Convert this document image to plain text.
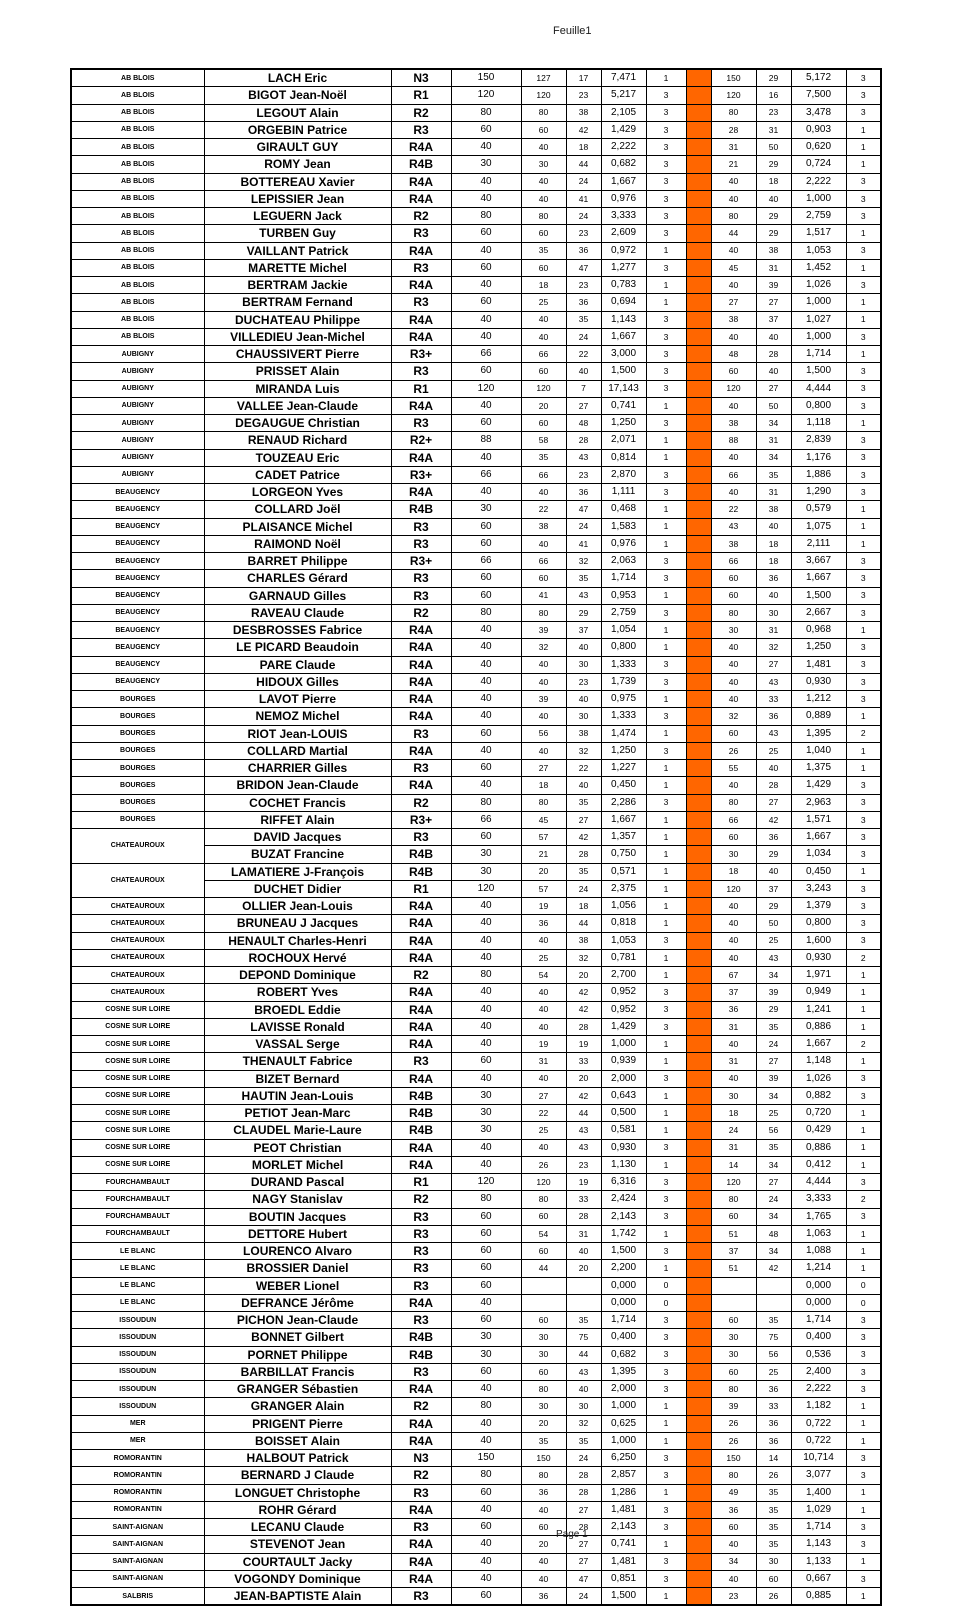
Feuille1
AB BLOIS	LACH Eric	N3	150	127	17	7,471	1		150	29	5,172	3
AB BLOIS	BIGOT Jean-Noël	R1	120	120	23	5,217	3		120	16	7,500	3
AB BLOIS	LEGOUT Alain	R2	80	80	38	2,105	3		80	23	3,478	3
AB BLOIS	ORGEBIN Patrice	R3	60	60	42	1,429	3		28	31	0,903	1
AB BLOIS	GIRAULT GUY	R4A	40	40	18	2,222	3		31	50	0,620	1
AB BLOIS	ROMY Jean	R4B	30	30	44	0,682	3		21	29	0,724	1
AB BLOIS	BOTTEREAU Xavier	R4A	40	40	24	1,667	3		40	18	2,222	3
AB BLOIS	LEPISSIER Jean	R4A	40	40	41	0,976	3		40	40	1,000	3
AB BLOIS	LEGUERN Jack	R2	80	80	24	3,333	3		80	29	2,759	3
AB BLOIS	TURBEN Guy	R3	60	60	23	2,609	3		44	29	1,517	1
AB BLOIS	VAILLANT Patrick	R4A	40	35	36	0,972	1		40	38	1,053	3
AB BLOIS	MARETTE Michel	R3	60	60	47	1,277	3		45	31	1,452	1
AB BLOIS	BERTRAM Jackie	R4A	40	18	23	0,783	1		40	39	1,026	3
AB BLOIS	BERTRAM Fernand	R3	60	25	36	0,694	1		27	27	1,000	1
AB BLOIS	DUCHATEAU Philippe	R4A	40	40	35	1,143	3		38	37	1,027	1
AB BLOIS	VILLEDIEU Jean-Michel	R4A	40	40	24	1,667	3		40	40	1,000	3
AUBIGNY	CHAUSSIVERT Pierre	R3+	66	66	22	3,000	3		48	28	1,714	1
AUBIGNY	PRISSET Alain	R3	60	60	40	1,500	3		60	40	1,500	3
AUBIGNY	MIRANDA Luis	R1	120	120	7	17,143	3		120	27	4,444	3
AUBIGNY	VALLEE Jean-Claude	R4A	40	20	27	0,741	1		40	50	0,800	3
AUBIGNY	DEGAUGUE Christian	R3	60	60	48	1,250	3		38	34	1,118	1
AUBIGNY	RENAUD Richard	R2+	88	58	28	2,071	1		88	31	2,839	3
AUBIGNY	TOUZEAU Eric	R4A	40	35	43	0,814	1		40	34	1,176	3
AUBIGNY	CADET Patrice	R3+	66	66	23	2,870	3		66	35	1,886	3
BEAUGENCY	LORGEON Yves	R4A	40	40	36	1,111	3		40	31	1,290	3
BEAUGENCY	COLLARD Joël	R4B	30	22	47	0,468	1		22	38	0,579	1
BEAUGENCY	PLAISANCE Michel	R3	60	38	24	1,583	1		43	40	1,075	1
BEAUGENCY	RAIMOND Noël	R3	60	40	41	0,976	1		38	18	2,111	1
BEAUGENCY	BARRET Philippe	R3+	66	66	32	2,063	3		66	18	3,667	3
BEAUGENCY	CHARLES Gérard	R3	60	60	35	1,714	3		60	36	1,667	3
BEAUGENCY	GARNAUD Gilles	R3	60	41	43	0,953	1		60	40	1,500	3
BEAUGENCY	RAVEAU Claude	R2	80	80	29	2,759	3		80	30	2,667	3
BEAUGENCY	DESBROSSES Fabrice	R4A	40	39	37	1,054	1		30	31	0,968	1
BEAUGENCY	LE PICARD Beaudoin	R4A	40	32	40	0,800	1		40	32	1,250	3
BEAUGENCY	PARE Claude	R4A	40	40	30	1,333	3		40	27	1,481	3
BEAUGENCY	HIDOUX Gilles	R4A	40	40	23	1,739	3		40	43	0,930	3
BOURGES	LAVOT Pierre	R4A	40	39	40	0,975	1		40	33	1,212	3
BOURGES	NEMOZ Michel	R4A	40	40	30	1,333	3		32	36	0,889	1
BOURGES	RIOT Jean-LOUIS	R3	60	56	38	1,474	1		60	43	1,395	2
BOURGES	COLLARD Martial	R4A	40	40	32	1,250	3		26	25	1,040	1
BOURGES	CHARRIER Gilles	R3	60	27	22	1,227	1		55	40	1,375	1
BOURGES	BRIDON Jean-Claude	R4A	40	18	40	0,450	1		40	28	1,429	3
BOURGES	COCHET Francis	R2	80	80	35	2,286	3		80	27	2,963	3
BOURGES	RIFFET Alain	R3+	66	45	27	1,667	1		66	42	1,571	3
CHATEAUROUX	DAVID Jacques	R3	60	57	42	1,357	1		60	36	1,667	3
	BUZAT Francine	R4B	30	21	28	0,750	1		30	29	1,034	3
CHATEAUROUX	LAMATIERE J-François	R4B	30	20	35	0,571	1		18	40	0,450	1
	DUCHET Didier	R1	120	57	24	2,375	1		120	37	3,243	3
CHATEAUROUX	OLLIER Jean-Louis	R4A	40	19	18	1,056	1		40	29	1,379	3
CHATEAUROUX	BRUNEAU J Jacques	R4A	40	36	44	0,818	1		40	50	0,800	3
CHATEAUROUX	HENAULT Charles-Henri	R4A	40	40	38	1,053	3		40	25	1,600	3
CHATEAUROUX	ROCHOUX Hervé	R4A	40	25	32	0,781	1		40	43	0,930	2
CHATEAUROUX	DEPOND Dominique	R2	80	54	20	2,700	1		67	34	1,971	1
CHATEAUROUX	ROBERT Yves	R4A	40	40	42	0,952	3		37	39	0,949	1
COSNE SUR LOIRE	BROEDL Eddie	R4A	40	40	42	0,952	3		36	29	1,241	1
COSNE SUR LOIRE	LAVISSE Ronald	R4A	40	40	28	1,429	3		31	35	0,886	1
COSNE SUR LOIRE	VASSAL Serge	R4A	40	19	19	1,000	1		40	24	1,667	2
COSNE SUR LOIRE	THENAULT Fabrice	R3	60	31	33	0,939	1		31	27	1,148	1
COSNE SUR LOIRE	BIZET Bernard	R4A	40	40	20	2,000	3		40	39	1,026	3
COSNE SUR LOIRE	HAUTIN Jean-Louis	R4B	30	27	42	0,643	1		30	34	0,882	3
COSNE SUR LOIRE	PETIOT Jean-Marc	R4B	30	22	44	0,500	1		18	25	0,720	1
COSNE SUR LOIRE	CLAUDEL Marie-Laure	R4B	30	25	43	0,581	1		24	56	0,429	1
COSNE SUR LOIRE	PEOT Christian	R4A	40	40	43	0,930	3		31	35	0,886	1
COSNE SUR LOIRE	MORLET Michel	R4A	40	26	23	1,130	1		14	34	0,412	1
FOURCHAMBAULT	DURAND Pascal	R1	120	120	19	6,316	3		120	27	4,444	3
FOURCHAMBAULT	NAGY Stanislav	R2	80	80	33	2,424	3		80	24	3,333	2
FOURCHAMBAULT	BOUTIN Jacques	R3	60	60	28	2,143	3		60	34	1,765	3
FOURCHAMBAULT	DETTORE Hubert	R3	60	54	31	1,742	1		51	48	1,063	1
LE BLANC	LOURENCO Alvaro	R3	60	60	40	1,500	3		37	34	1,088	1
LE BLANC	BROSSIER Daniel	R3	60	44	20	2,200	1		51	42	1,214	1
LE BLANC	WEBER Lionel	R3	60			0,000	0				0,000	0
LE BLANC	DEFRANCE Jérôme	R4A	40			0,000	0				0,000	0
ISSOUDUN	PICHON Jean-Claude	R3	60	60	35	1,714	3		60	35	1,714	3
ISSOUDUN	BONNET Gilbert	R4B	30	30	75	0,400	3		30	75	0,400	3
ISSOUDUN	PORNET Philippe	R4B	30	30	44	0,682	3		30	56	0,536	3
ISSOUDUN	BARBILLAT Francis	R3	60	60	43	1,395	3		60	25	2,400	3
ISSOUDUN	GRANGER Sébastien	R4A	40	80	40	2,000	3		80	36	2,222	3
ISSOUDUN	GRANGER Alain	R2	80	30	30	1,000	1		39	33	1,182	1
MER	PRIGENT Pierre	R4A	40	20	32	0,625	1		26	36	0,722	1
MER	BOISSET Alain	R4A	40	35	35	1,000	1		26	36	0,722	1
ROMORANTIN	HALBOUT Patrick	N3	150	150	24	6,250	3		150	14	10,714	3
ROMORANTIN	BERNARD J Claude	R2	80	80	28	2,857	3		80	26	3,077	3
ROMORANTIN	LONGUET Christophe	R3	60	36	28	1,286	1		49	35	1,400	1
ROMORANTIN	ROHR Gérard	R4A	40	40	27	1,481	3		36	35	1,029	1
SAINT-AIGNAN	LECANU Claude	R3	60	60	28	2,143	3		60	35	1,714	3
SAINT-AIGNAN	STEVENOT Jean	R4A	40	20	27	0,741	1		40	35	1,143	3
SAINT-AIGNAN	COURTAULT Jacky	R4A	40	40	27	1,481	3		34	30	1,133	1
SAINT-AIGNAN	VOGONDY Dominique	R4A	40	40	47	0,851	3		40	60	0,667	3
SALBRIS	JEAN-BAPTISTE Alain	R3	60	36	24	1,500	1		23	26	0,885	1
Page 1
